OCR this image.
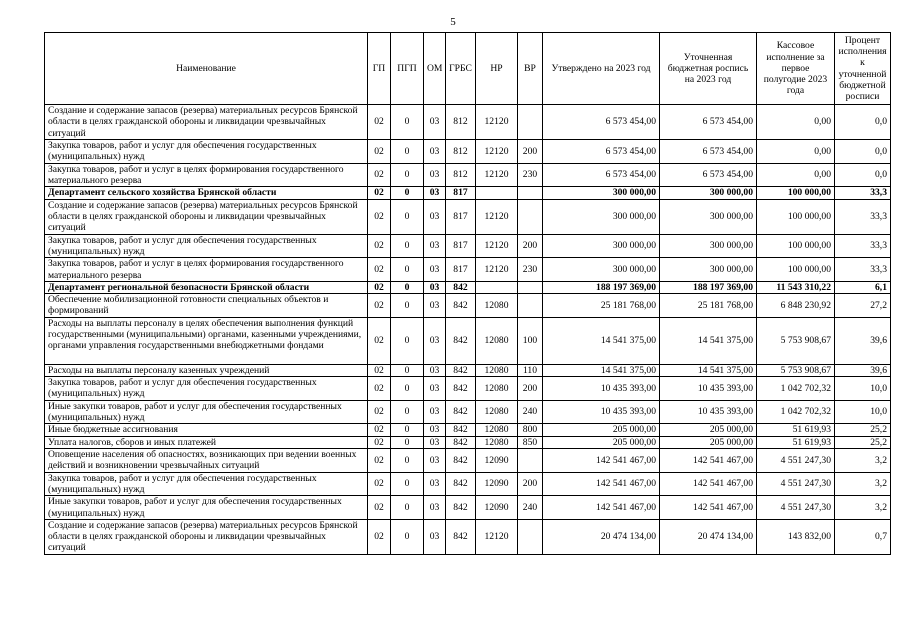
5
Наименование	ГП	ПГП	ОМ	ГРБС	НР	ВР	Утверждено на 2023 год	Уточненная бюджетная роспись на 2023 год	Кассовое исполнение за первое полугодие 2023 года	Процент исполнения к уточненной бюджетной росписи
Создание и содержание запасов (резерва) материальных ресурсов Брянской области в целях гражданской обороны и ликвидации чрезвычайных ситуаций	02	0	03	812	12120		6 573 454,00	6 573 454,00	0,00	0,0
Закупка товаров, работ и услуг для обеспечения государственных (муниципальных) нужд	02	0	03	812	12120	200	6 573 454,00	6 573 454,00	0,00	0,0
Закупка товаров, работ и услуг в целях формирования государственного материального резерва	02	0	03	812	12120	230	6 573 454,00	6 573 454,00	0,00	0,0
Департамент сельского хозяйства Брянской области	02	0	03	817			300 000,00	300 000,00	100 000,00	33,3
Создание и содержание запасов (резерва) материальных ресурсов Брянской области в целях гражданской обороны и ликвидации чрезвычайных ситуаций	02	0	03	817	12120		300 000,00	300 000,00	100 000,00	33,3
Закупка товаров, работ и услуг для обеспечения государственных (муниципальных) нужд	02	0	03	817	12120	200	300 000,00	300 000,00	100 000,00	33,3
Закупка товаров, работ и услуг в целях формирования государственного материального резерва	02	0	03	817	12120	230	300 000,00	300 000,00	100 000,00	33,3
Департамент региональной безопасности Брянской области	02	0	03	842			188 197 369,00	188 197 369,00	11 543 310,22	6,1
Обеспечение мобилизационной готовности специальных объектов и формирований	02	0	03	842	12080		25 181 768,00	25 181 768,00	6 848 230,92	27,2
Расходы на выплаты персоналу в целях обеспечения выполнения функций государственными (муниципальными) органами, казенными учреждениями, органами управления государственными внебюджетными фондами	02	0	03	842	12080	100	14 541 375,00	14 541 375,00	5 753 908,67	39,6
Расходы на выплаты персоналу казенных учреждений	02	0	03	842	12080	110	14 541 375,00	14 541 375,00	5 753 908,67	39,6
Закупка товаров, работ и услуг для обеспечения государственных (муниципальных) нужд	02	0	03	842	12080	200	10 435 393,00	10 435 393,00	1 042 702,32	10,0
Иные закупки товаров, работ и услуг для обеспечения государственных (муниципальных) нужд	02	0	03	842	12080	240	10 435 393,00	10 435 393,00	1 042 702,32	10,0
Иные бюджетные ассигнования	02	0	03	842	12080	800	205 000,00	205 000,00	51 619,93	25,2
Уплата налогов, сборов и иных платежей	02	0	03	842	12080	850	205 000,00	205 000,00	51 619,93	25,2
Оповещение населения об опасностях, возникающих при ведении военных действий и возникновении чрезвычайных ситуаций	02	0	03	842	12090		142 541 467,00	142 541 467,00	4 551 247,30	3,2
Закупка товаров, работ и услуг для обеспечения государственных (муниципальных) нужд	02	0	03	842	12090	200	142 541 467,00	142 541 467,00	4 551 247,30	3,2
Иные закупки товаров, работ и услуг для обеспечения государственных (муниципальных) нужд	02	0	03	842	12090	240	142 541 467,00	142 541 467,00	4 551 247,30	3,2
Создание и содержание запасов (резерва) материальных ресурсов Брянской области в целях гражданской обороны и ликвидации чрезвычайных ситуаций	02	0	03	842	12120		20 474 134,00	20 474 134,00	143 832,00	0,7
